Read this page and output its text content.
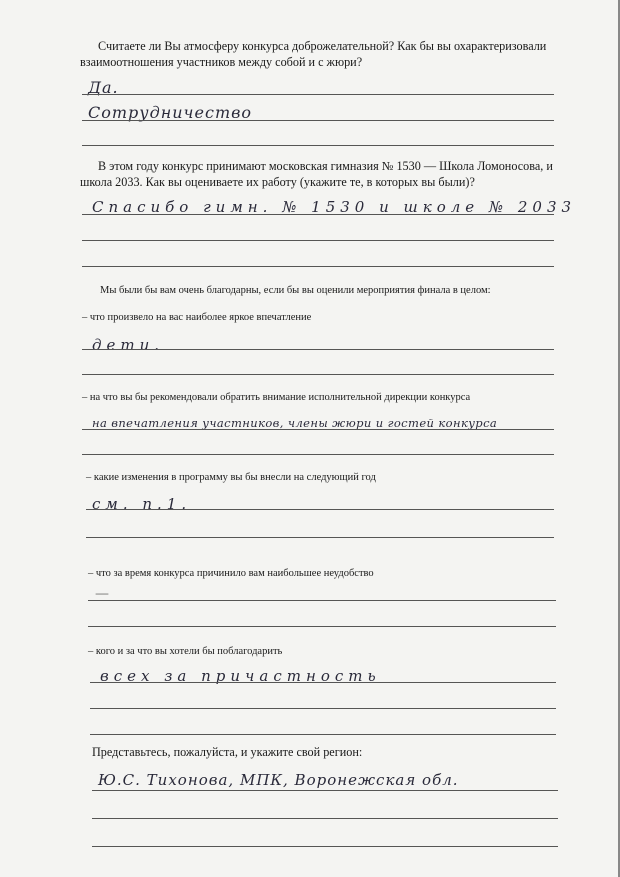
Считаете ли Вы атмосферу конкурса доброжелательной? Как бы вы охарактеризовали взаимоотношения участников между собой и с жюри?

Да.
Сотрудничество

В этом году конкурс принимают московская гимназия № 1530 — Школа Ломоносова, и школа 2033. Как вы оцениваете их работу (укажите те, в которых вы были)?

Спасибо гимн. № 1530 и школе № 2033

Мы были бы вам очень благодарны, если бы вы оценили мероприятия финала в целом:

– что произвело на вас наиболее яркое впечатление

дети.

– на что вы бы рекомендовали обратить внимание исполнительной дирекции конкурса

на впечатления участников, члены жюри и гостей конкурса

– какие изменения в программу вы бы внесли на следующий год

см. п.1.

– что за время конкурса причинило вам наибольшее неудобство

—

– кого и за что вы хотели бы поблагодарить

всех за причастность

Представьтесь, пожалуйста, и укажите свой регион:

Ю.С. Тихонова, МПК, Воронежская обл.
